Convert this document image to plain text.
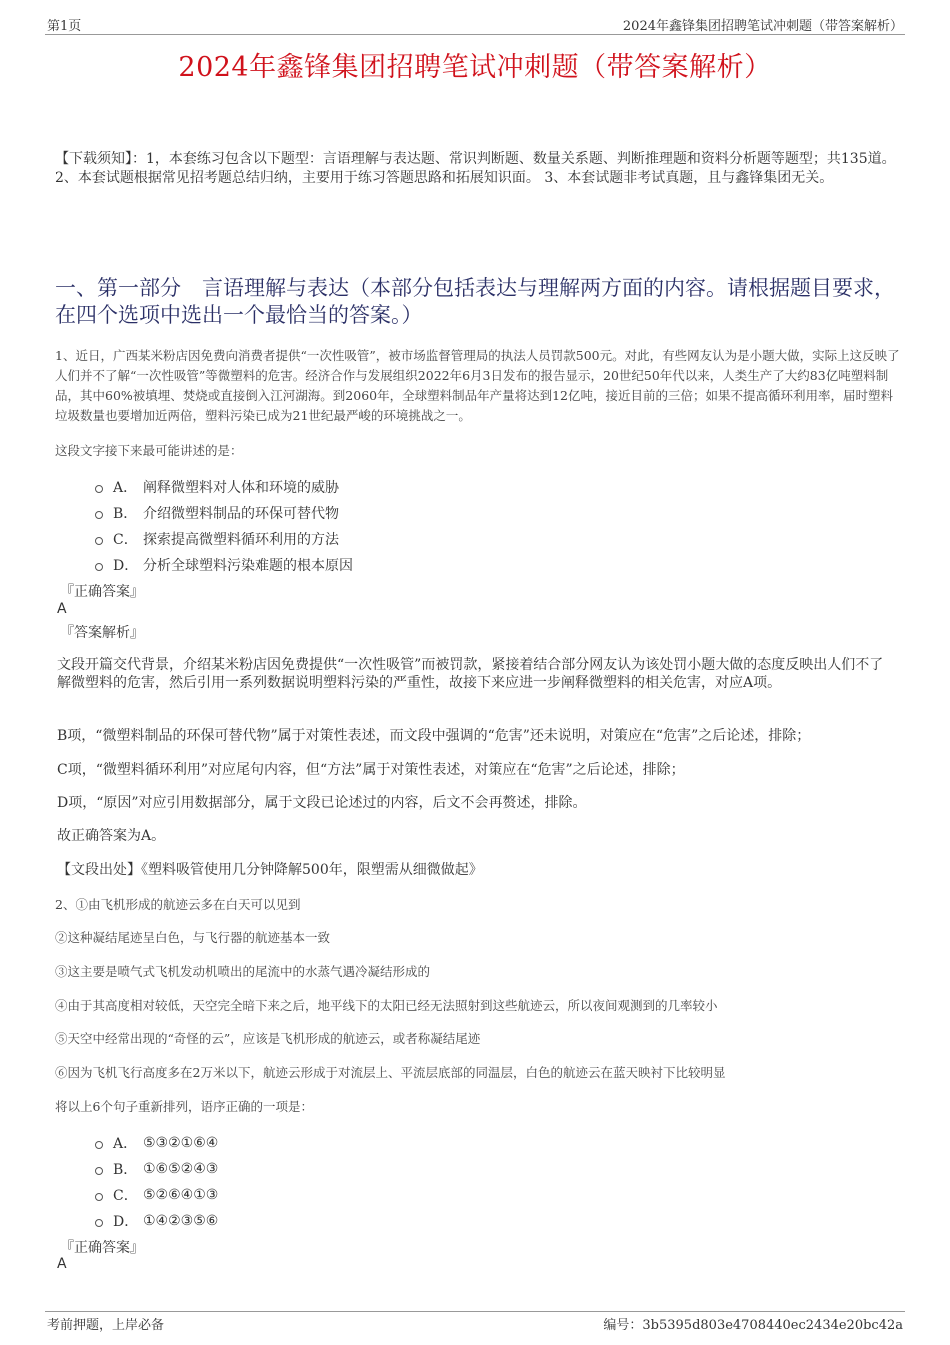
第1页	2024年鑫锋集团招聘笔试冲刺题（带答案解析）
2024年鑫锋集团招聘笔试冲刺题（带答案解析）
【下载须知】：1，本套练习包含以下题型：言语理解与表达题、常识判断题、数量关系题、判断推理题和资料分析题等题型；共135道。 2、本套试题根据常见招考题总结归纳，主要用于练习答题思路和拓展知识面。 3、本套试题非考试真题，且与鑫锋集团无关。
一、第一部分　言语理解与表达（本部分包括表达与理解两方面的内容。请根据题目要求，在四个选项中选出一个最恰当的答案。）
1、近日，广西某米粉店因免费向消费者提供“一次性吸管”，被市场监督管理局的执法人员罚款500元。对此，有些网友认为是小题大做，实际上这反映了人们并不了解“一次性吸管”等微塑料的危害。经济合作与发展组织2022年6月3日发布的报告显示，20世纪50年代以来，人类生产了大约83亿吨塑料制品，其中60%被填埋、焚烧或直接倒入江河湖海。到2060年，全球塑料制品年产量将达到12亿吨，接近目前的三倍；如果不提高循环利用率，届时塑料垃圾数量也要增加近两倍，塑料污染已成为21世纪最严峻的环境挑战之一。
这段文字接下来最可能讲述的是：
A． 阐释微塑料对人体和环境的威胁
B． 介绍微塑料制品的环保可替代物
C． 探索提高微塑料循环利用的方法
D． 分析全球塑料污染难题的根本原因
『正确答案』
A
『答案解析』
文段开篇交代背景，介绍某米粉店因免费提供“一次性吸管”而被罚款，紧接着结合部分网友认为该处罚小题大做的态度反映出人们不了解微塑料的危害，然后引用一系列数据说明塑料污染的严重性，故接下来应进一步阐释微塑料的相关危害，对应A项。
B项，“微塑料制品的环保可替代物”属于对策性表述，而文段中强调的“危害”还未说明，对策应在“危害”之后论述，排除；
C项，“微塑料循环利用”对应尾句内容，但“方法”属于对策性表述，对策应在“危害”之后论述，排除；
D项，“原因”对应引用数据部分，属于文段已论述过的内容，后文不会再赘述，排除。
故正确答案为A。
【文段出处】《塑料吸管使用几分钟降解500年，限塑需从细微做起》
2、①由飞机形成的航迹云多在白天可以见到
②这种凝结尾迹呈白色，与飞行器的航迹基本一致
③这主要是喷气式飞机发动机喷出的尾流中的水蒸气遇冷凝结形成的
④由于其高度相对较低，天空完全暗下来之后，地平线下的太阳已经无法照射到这些航迹云，所以夜间观测到的几率较小
⑤天空中经常出现的“奇怪的云”，应该是飞机形成的航迹云，或者称凝结尾迹
⑥因为飞机飞行高度多在2万米以下，航迹云形成于对流层上、平流层底部的同温层，白色的航迹云在蓝天映衬下比较明显
将以上6个句子重新排列，语序正确的一项是：
A． ⑤③②①⑥④
B． ①⑥⑤②④③
C． ⑤②⑥④①③
D． ①④②③⑤⑥
『正确答案』
A
考前押题，上岸必备	编号：3b5395d803e4708440ec2434e20bc42a
